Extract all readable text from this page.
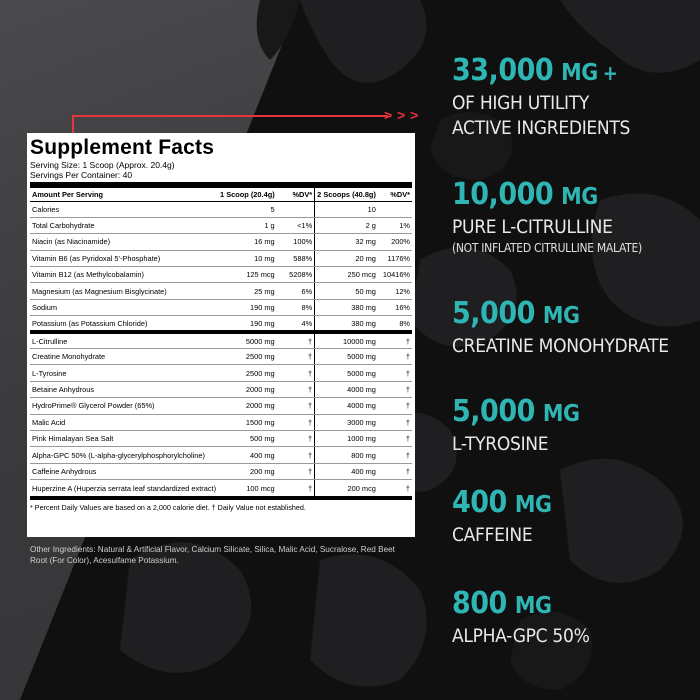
> > >
Supplement Facts
Serving Size: 1 Scoop (Approx. 20.4g)
Servings Per Container: 40
Amount Per Serving	1 Scoop (20.4g)	%DV*	2 Scoops (40.8g)	%DV*
Calories	5		10	
Total Carbohydrate	1 g	<1%	2 g	1%
Niacin (as Niacinamide)	16 mg	100%	32 mg	200%
Vitamin B6 (as Pyridoxal 5'-Phosphate)	10 mg	588%	20 mg	1176%
Vitamin B12 (as Methylcobalamin)	125 mcg	5208%	250 mcg	10416%
Magnesium (as Magnesium Bisglycinate)	25 mg	6%	50 mg	12%
Sodium	190 mg	8%	380 mg	16%
Potassium (as Potassium Chloride)	190 mg	4%	380 mg	8%
L-Citrulline	5000 mg	†	10000 mg	†
Creatine Monohydrate	2500 mg	†	5000 mg	†
L-Tyrosine	2500 mg	†	5000 mg	†
Betaine Anhydrous	2000 mg	†	4000 mg	†
HydroPrime® Glycerol Powder (65%)	2000 mg	†	4000 mg	†
Malic Acid	1500 mg	†	3000 mg	†
Pink Himalayan Sea Salt	500 mg	†	1000 mg	†
Alpha-GPC 50% (L-alpha-glycerylphosphorylcholine)	400 mg	†	800 mg	†
Caffeine Anhydrous	200 mg	†	400 mg	†
Huperzine A (Huperzia serrata leaf standardized extract)	100 mcg	†	200 mcg	†
* Percent Daily Values are based on a 2,000 calorie diet. † Daily Value not established.
Other Ingredients: Natural & Artificial Flavor, Calcium Silicate, Silica, Malic Acid, Sucralose, Red Beet Root (For Color), Acesulfame Potassium.
33,000 MG +
OF HIGH UTILITY
ACTIVE INGREDIENTS
10,000 MG
PURE L-CITRULLINE
(NOT INFLATED CITRULLINE MALATE)
5,000 MG
CREATINE MONOHYDRATE
5,000 MG
L-TYROSINE
400 MG
CAFFEINE
800 MG
ALPHA-GPC 50%
